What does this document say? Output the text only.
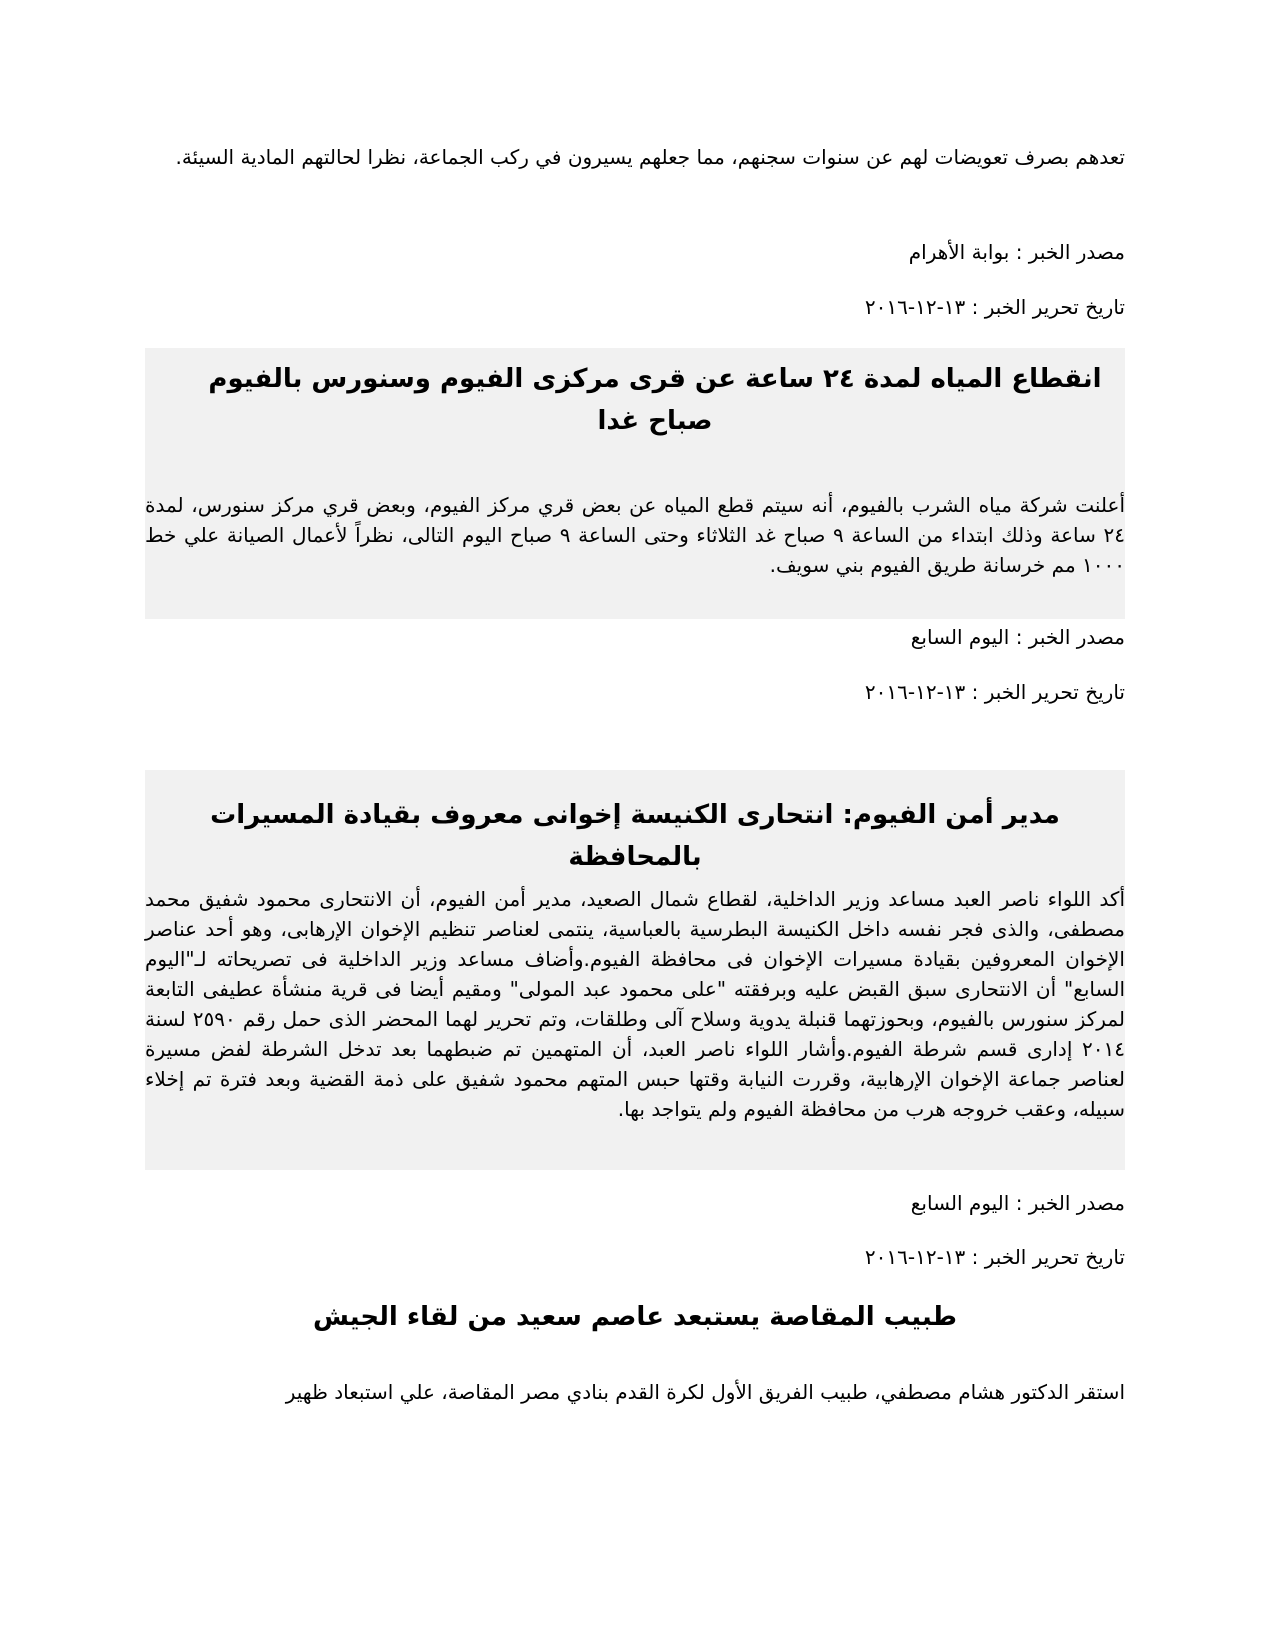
تعدهم بصرف تعويضات لهم عن سنوات سجنهم، مما جعلهم يسيرون في ركب الجماعة، نظرا لحالتهم المادية السيئة.

مصدر الخبر : بوابة الأهرام

تاريخ تحرير الخبر : ١٣-١٢-٢٠١٦

انقطاع المياه لمدة ٢٤ ساعة عن قرى مركزى الفيوم وسنورس بالفيوم صباح غدا

أعلنت شركة مياه الشرب بالفيوم، أنه سيتم قطع المياه عن بعض قري مركز الفيوم، وبعض قري مركز سنورس، لمدة ٢٤ ساعة وذلك ابتداء من الساعة ٩ صباح غد الثلاثاء وحتى الساعة ٩ صباح اليوم التالى، نظراً لأعمال الصيانة علي خط ١٠٠٠ مم خرسانة طريق الفيوم بني سويف.

مصدر الخبر : اليوم السابع

تاريخ تحرير الخبر : ١٣-١٢-٢٠١٦

مدير أمن الفيوم: انتحارى الكنيسة إخوانى معروف بقيادة المسيرات بالمحافظة

أكد اللواء ناصر العبد مساعد وزير الداخلية، لقطاع شمال الصعيد، مدير أمن الفيوم، أن الانتحارى محمود شفيق محمد مصطفى، والذى فجر نفسه داخل الكنيسة البطرسية بالعباسية، ينتمى لعناصر تنظيم الإخوان الإرهابى، وهو أحد عناصر الإخوان المعروفين بقيادة مسيرات الإخوان فى محافظة الفيوم.وأضاف مساعد وزير الداخلية فى تصريحاته لـ"اليوم السابع" أن الانتحارى سبق القبض عليه وبرفقته "على محمود عبد المولى" ومقيم أيضا فى قرية منشأة عطيفى التابعة لمركز سنورس بالفيوم، وبحوزتهما قنبلة يدوية وسلاح آلى وطلقات، وتم تحرير لهما المحضر الذى حمل رقم ٢٥٩٠ لسنة ٢٠١٤ إدارى قسم شرطة الفيوم.وأشار اللواء ناصر العبد، أن المتهمين تم ضبطهما بعد تدخل الشرطة لفض مسيرة لعناصر جماعة الإخوان الإرهابية، وقررت النيابة وقتها حبس المتهم محمود شفيق على ذمة القضية وبعد فترة تم إخلاء سبيله، وعقب خروجه هرب من محافظة الفيوم ولم يتواجد بها.

مصدر الخبر : اليوم السابع

تاريخ تحرير الخبر : ١٣-١٢-٢٠١٦

طبيب المقاصة يستبعد عاصم سعيد من لقاء الجيش

استقر الدكتور هشام مصطفي، طبيب الفريق الأول لكرة القدم بنادي مصر المقاصة، علي استبعاد ظهير
